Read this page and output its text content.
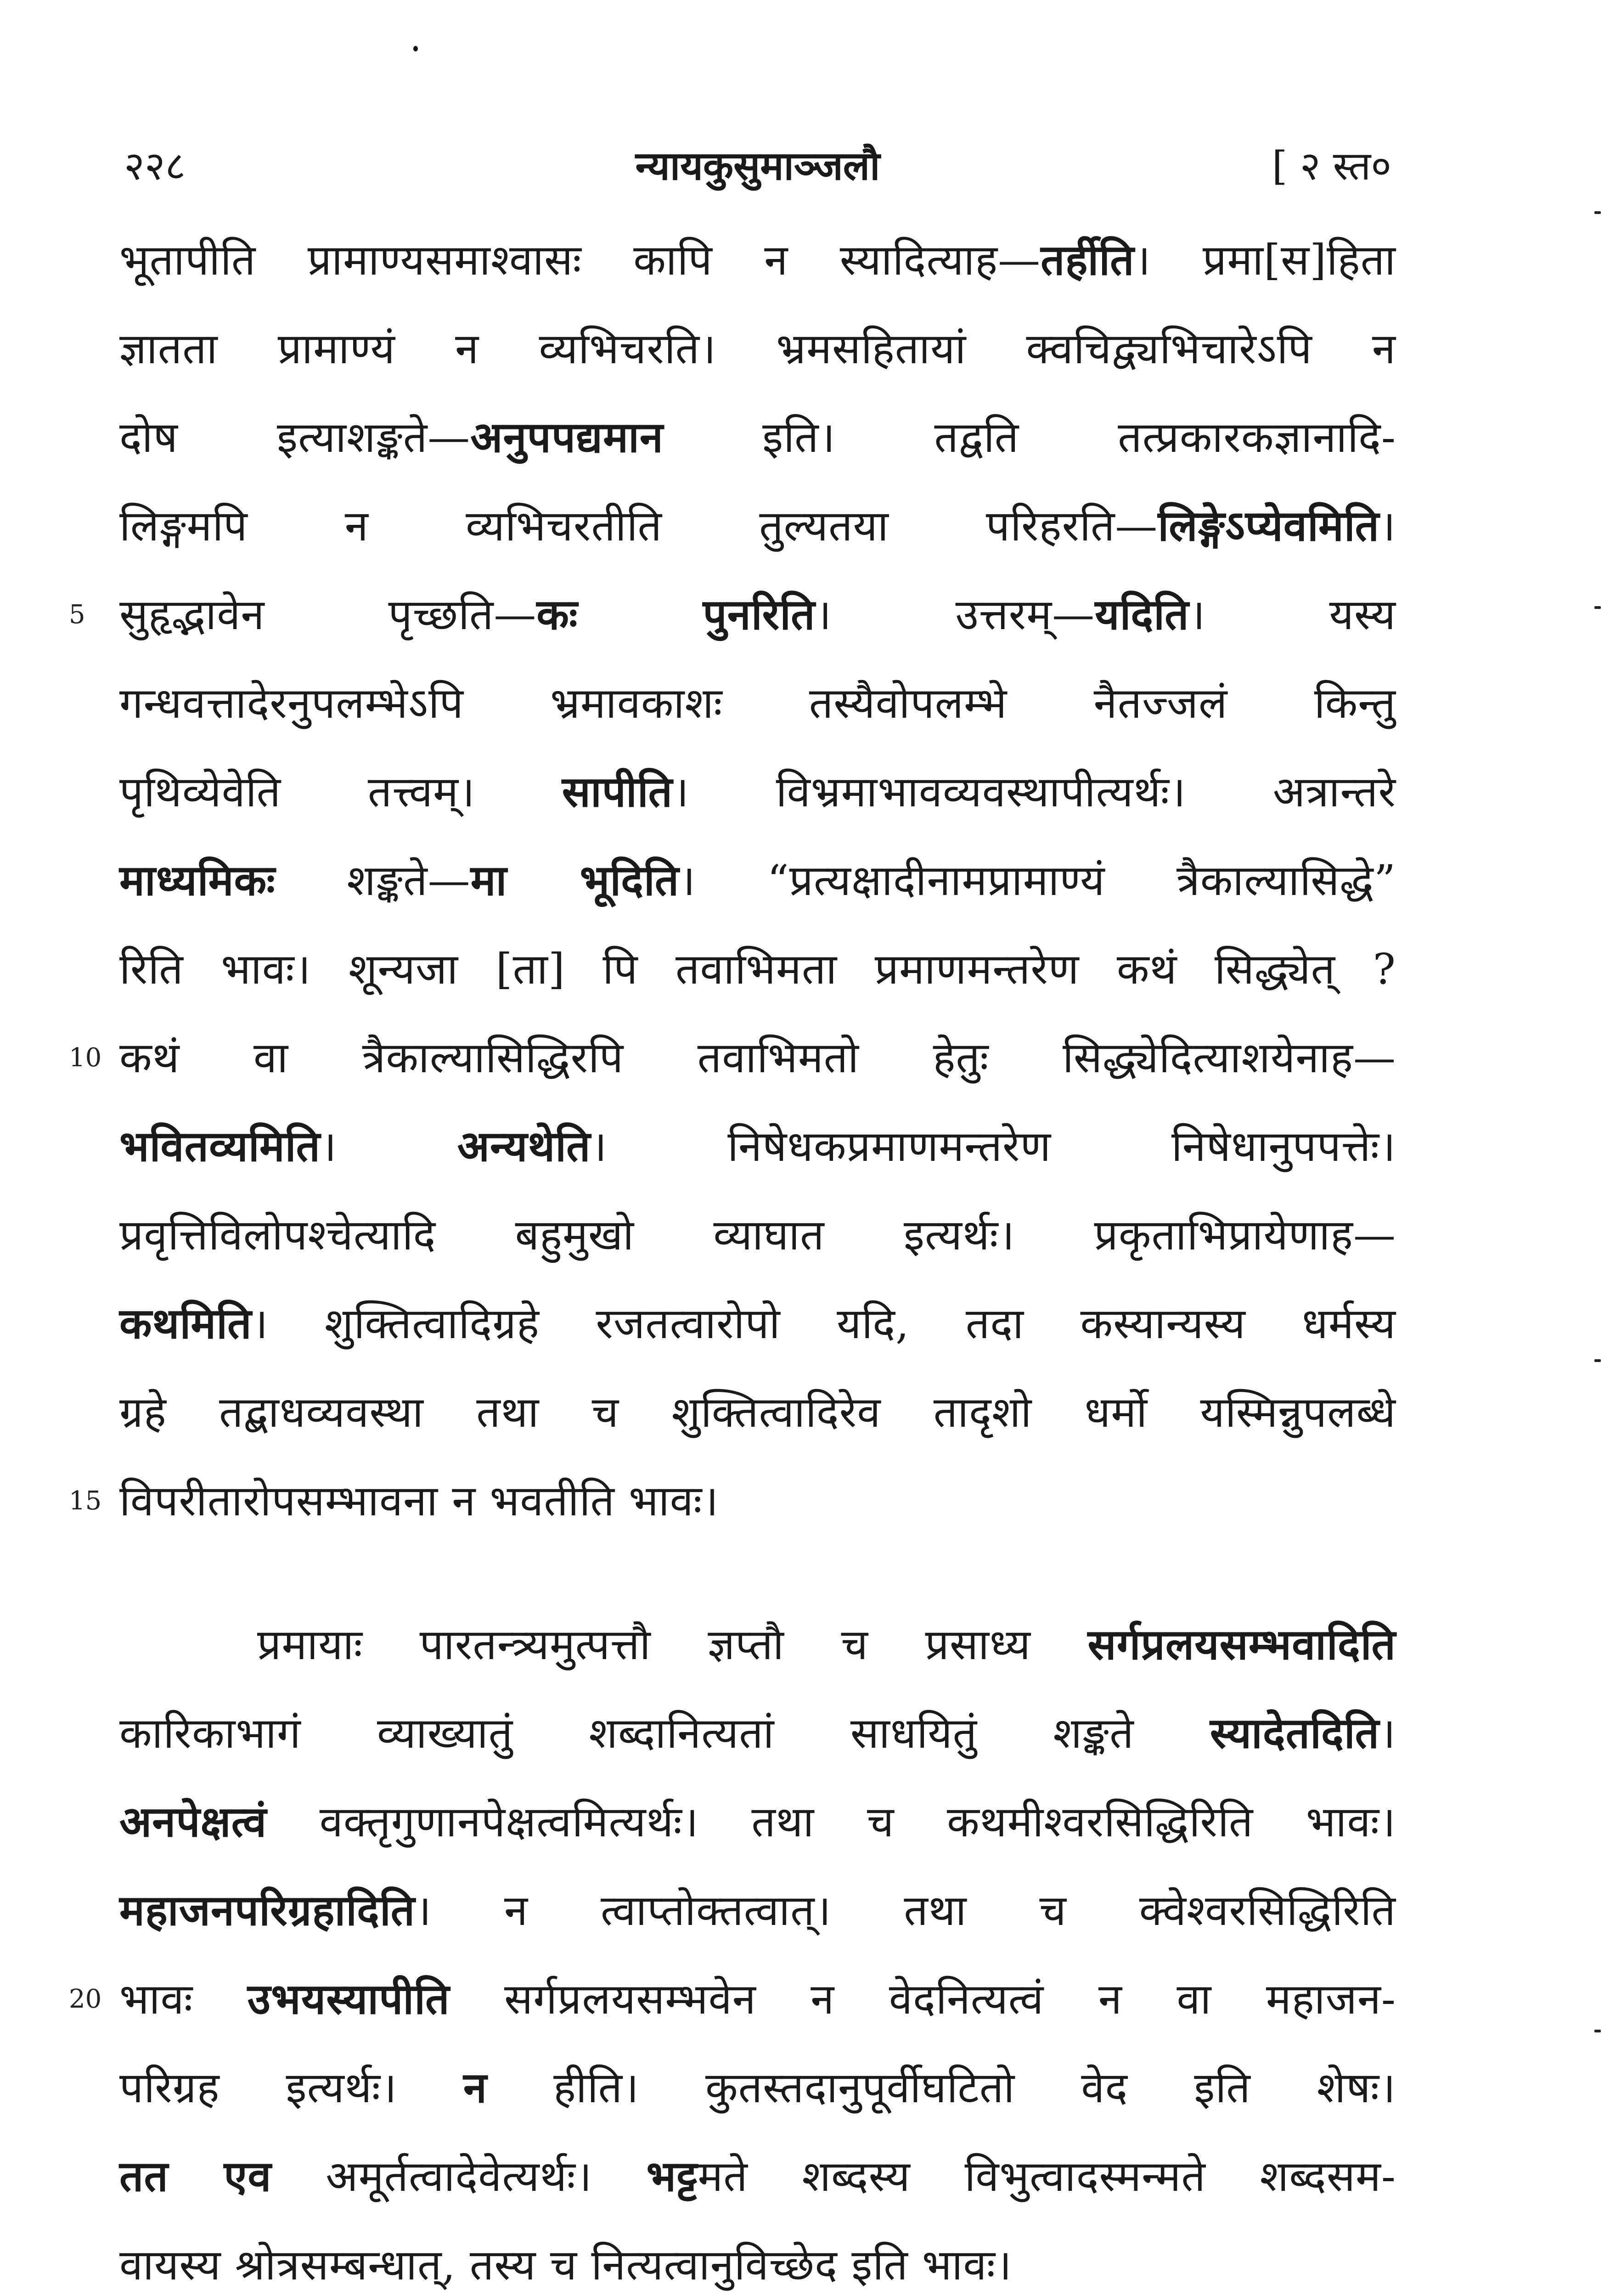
२२८	न्यायकुसुमाञ्जलौ	[ २ स्त०
भूतापीति प्रामाण्यसमाश्वासः कापि न स्यादित्याह—तर्हीति। प्रमा[स]हिता
ज्ञातता प्रामाण्यं न व्यभिचरति। भ्रमसहितायां क्वचिद्व्यभिचारेऽपि न
दोष इत्याशङ्कते—अनुपपद्यमान इति। तद्वति तत्प्रकारकज्ञानादि-
लिङ्गमपि न व्यभिचरतीति तुल्यतया परिहरति—लिङ्गेऽप्येवमिति।
5 सुहृद्भावेन पृच्छति—कः पुनरिति। उत्तरम्—यदिति। यस्य
गन्धवत्तादेरनुपलम्भेऽपि भ्रमावकाशः तस्यैवोपलम्भे नैतज्जलं किन्तु
पृथिव्येवेति तत्त्वम्। सापीति। विभ्रमाभावव्यवस्थापीत्यर्थः। अत्रान्तरे
माध्यमिकः शङ्कते—मा भूदिति। “प्रत्यक्षादीनामप्रामाण्यं त्रैकाल्यासिद्धे”
रिति भावः। शून्यजा [ता] पि तवाभिमता प्रमाणमन्तरेण कथं सिद्ध्येत् ?
10 कथं वा त्रैकाल्यासिद्धिरपि तवाभिमतो हेतुः सिद्ध्येदित्याशयेनाह—
भवितव्यमिति। अन्यथेति। निषेधकप्रमाणमन्तरेण निषेधानुपपत्तेः।
प्रवृत्तिविलोपश्चेत्यादि बहुमुखो व्याघात इत्यर्थः। प्रकृताभिप्रायेणाह—
कथमिति। शुक्तित्वादिग्रहे रजतत्वारोपो यदि, तदा कस्यान्यस्य धर्मस्य
ग्रहे तद्बाधव्यवस्था तथा च शुक्तित्वादिरेव तादृशो धर्मो यस्मिन्नुपलब्धे
15 विपरीतारोपसम्भावना न भवतीति भावः।
प्रमायाः पारतन्त्र्यमुत्पत्तौ ज्ञप्तौ च प्रसाध्य सर्गप्रलयसम्भवादिति
कारिकाभागं व्याख्यातुं शब्दानित्यतां साधयितुं शङ्कते स्यादेतदिति।
अनपेक्षत्वं वक्तृगुणानपेक्षत्वमित्यर्थः। तथा च कथमीश्वरसिद्धिरिति भावः।
महाजनपरिग्रहादिति। न त्वाप्तोक्तत्वात्। तथा च क्वेश्वरसिद्धिरिति
20 भावः उभयस्यापीति सर्गप्रलयसम्भवेन न वेदनित्यत्वं न वा महाजन-
परिग्रह इत्यर्थः। न हीति। कुतस्तदानुपूर्वीघटितो वेद इति शेषः।
तत एव अमूर्तत्वादेवेत्यर्थः। भट्टमते शब्दस्य विभुत्वादस्मन्मते शब्दसम-
वायस्य श्रोत्रसम्बन्धात्, तस्य च नित्यत्वानुविच्छेद इति भावः।
